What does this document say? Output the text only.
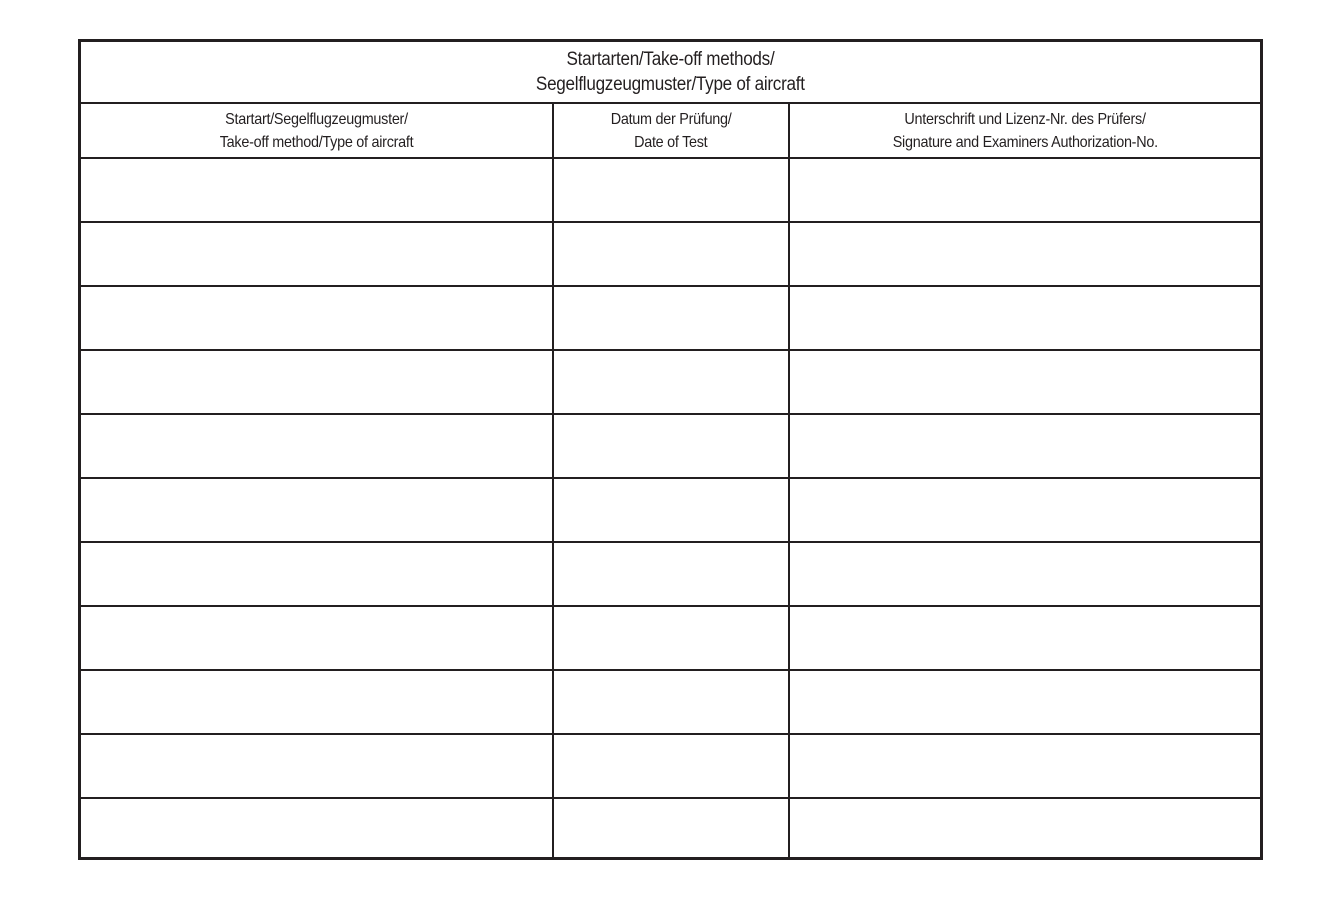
Startarten/Take-off methods/
Segelflugzeugmuster/Type of aircraft
Startart/Segelflugzeugmuster/
Take-off method/Type of aircraft
Datum der Prüfung/
Date of Test
Unterschrift und Lizenz-Nr. des Prüfers/
Signature and Examiners Authorization-No.
